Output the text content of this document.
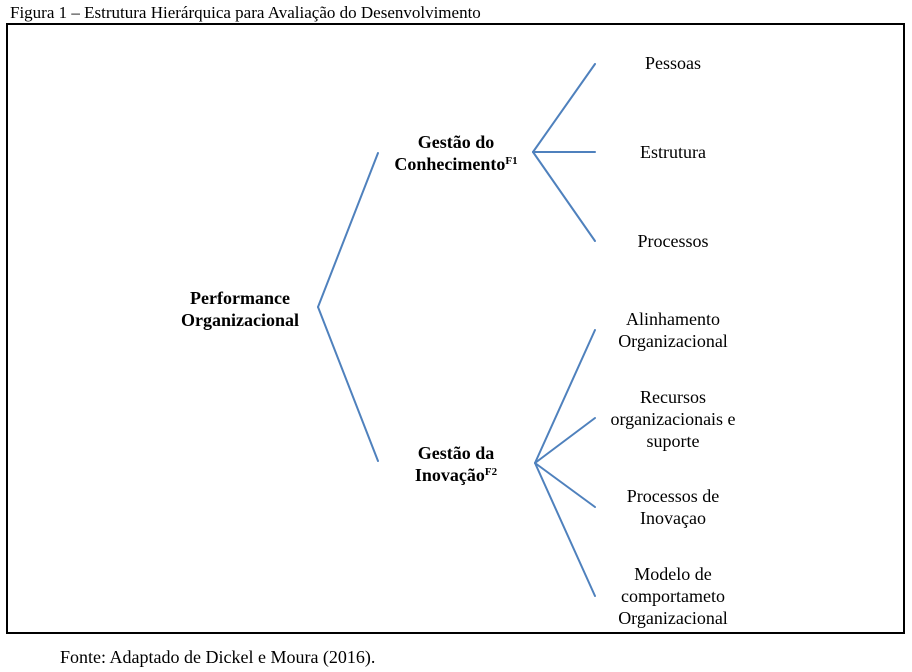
Figura 1 – Estrutura Hierárquica para Avaliação do Desenvolvimento
Performance
Organizacional
Gestão do
Conhecimento$^{F1}$
Gestão da
Inovação$^{F2}$
Pessoas
Estrutura
Processos
Alinhamento
Organizacional
Recursos
organizacionais e
suporte
Processos de
Inovaçao
Modelo de
comportameto
Organizacional
Fonte: Adaptado de Dickel e Moura (2016).
